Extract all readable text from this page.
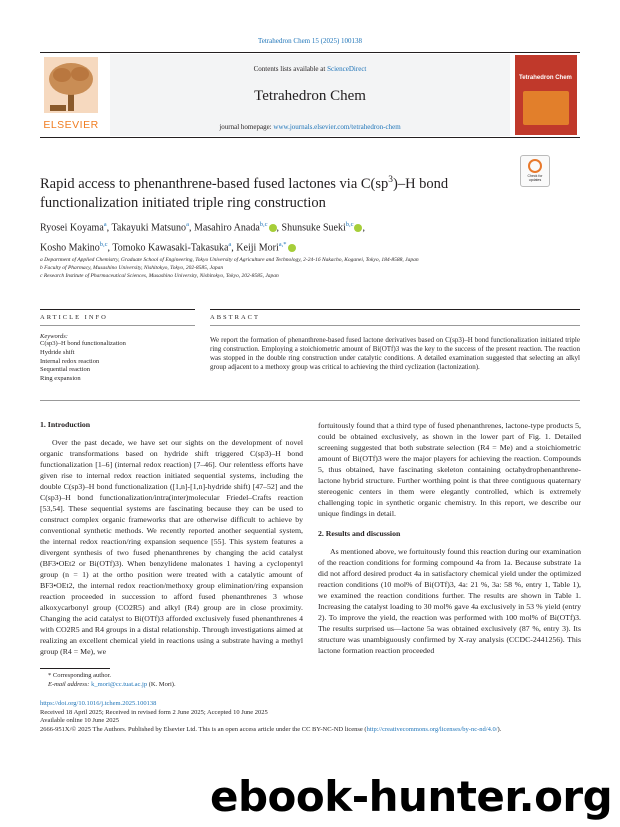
Tetrahedron Chem 15 (2025) 100138
ELSEVIER
Contents lists available at ScienceDirect
Tetrahedron Chem
journal homepage: www.journals.elsevier.com/tetrahedron-chem
Tetrahedron Chem
Check for updates
Rapid access to phenanthrene-based fused lactones via $C(sp^3)-H$ bond
functionalization initiated triple ring construction
Ryosei Koyama$^a$, Takayuki Matsuno$^a$, Masahiro Anada$^{b,c}$ , Shunsuke Sueki$^{b,c}$ ,
Kosho Makino$^{b,c}$, Tomoko Kawasaki-Takasuka$^a$, Keiji Mori$^{a,*}$
a Department of Applied Chemistry, Graduate School of Engineering, Tokyo University of Agriculture and Technology, 2-24-16 Nakacho, Koganei, Tokyo, 184-8588, Japan
b Faculty of Pharmacy, Musashino University, Nishitokyo, Tokyo, 202-8585, Japan
c Research Institute of Pharmaceutical Sciences, Musashino University, Nishitokyo, Tokyo, 202-8585, Japan
ARTICLE INFO
Keywords:
C(sp3)–H bond functionalization
Hydride shift
Internal redox reaction
Sequential reaction
Ring expansion
ABSTRACT
We report the formation of phenanthrene-based fused lactone derivatives based on C(sp3)–H bond functionalization initiated triple ring construction. Employing a stoichiometric amount of Bi(OTf)3 was the key to the success of the present reaction. The reaction was stopped in the double ring construction under catalytic conditions. A detailed examination suggested that selecting an alkyl group adjacent to a methoxy group was critical to achieving the third cyclization (lactonization).
1. Introduction
Over the past decade, we have set our sights on the development of novel organic transformations based on hydride shift triggered C(sp3)–H bond functionalization [1–6] (internal redox reaction) [7–46]. Our relentless efforts have given rise to internal redox reaction initiated sequential systems, including the double C(sp3)–H bond functionalization ([1,n]-[1,n]-hydride shift) [47–52] and the C(sp3)–H bond functionalization/intra(inter)molecular Friedel–Crafts reaction [53,54]. These sequential systems are fascinating because they can be used to construct complex organic frameworks that are otherwise difficult to achieve by conventional synthetic methods. We recently reported another sequential system, the internal redox reaction/ring expansion sequence [55]. This system features a divergent synthesis of two fused phenanthrenes by changing the acid catalyst (BF3•OEt2 or Bi(OTf)3). When benzylidene malonates 1 having a cyclopentyl group (n = 1) at the ortho position were treated with a catalytic amount of BF3•OEt2, the internal redox reaction/methoxy group elimination/ring expansion reaction proceeded in succession to afford fused phenanthrenes 3 whose alkoxycarbonyl group (CO2R5) and alkyl (R4) group are in close proximity. Changing the acid catalyst to Bi(OTf)3 afforded exclusively fused phenanthrenes 4 with CO2R5 and R4 groups in a distal relationship. Through investigations aimed at realizing an excellent chemical yield in reactions using a substrate having a methyl group (R4 = Me), we
fortuitously found that a third type of fused phenanthrenes, lactone-type products 5, could be obtained exclusively, as shown in the lower part of Fig. 1. Detailed screening suggested that both substrate selection (R4 = Me) and a stoichiometric amount of Bi(OTf)3 were the major players for achieving the reaction. Compounds 5, thus obtained, have fascinating skeleton containing octahydrophenanthrene-lactone hybrid structure. Further worthing point is that three contiguous quaternary stereogenic centers in them were elegantly controlled, which is extremely challenging topic in synthetic organic chemistry. In this report, we describe our unique findings in detail.
2. Results and discussion
As mentioned above, we fortuitously found this reaction during our examination of the reaction conditions for forming compound 4a from 1a. Because substrate 1a did not afford desired product 4a in satisfactory chemical yield under the optimized reaction conditions (10 mol% of Bi(OTf)3, 4a: 21 %, 3a: 58 %, entry 1, Table 1), we examined the reaction conditions further. The results are shown in Table 1. Increasing the catalyst loading to 30 mol% gave 4a exclusively in 53 % yield (entry 2). To improve the yield, the reaction was performed with 100 mol% of Bi(OTf)3. The results surprised us—lactone 5a was obtained exclusively (87 %, entry 3). Its structure was unambiguously confirmed by X-ray analysis (CCDC-2441256). This lactone formation reaction proceeded
* Corresponding author.
E-mail address: k_mori@cc.tuat.ac.jp (K. Mori).
https://doi.org/10.1016/j.tchem.2025.100138
Received 18 April 2025; Received in revised form 2 June 2025; Accepted 10 June 2025
Available online 10 June 2025
2666-951X/© 2025 The Authors. Published by Elsevier Ltd. This is an open access article under the CC BY-NC-ND license (http://creativecommons.org/licenses/by-nc-nd/4.0/).
ebook-hunter.org
